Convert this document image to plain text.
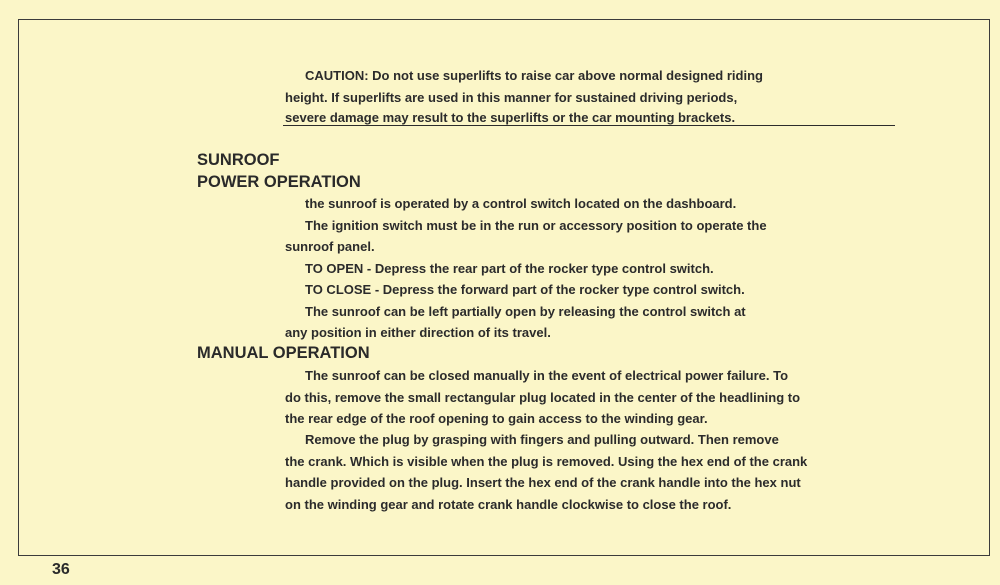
CAUTION: Do not use superlifts to raise car above normal designed riding
height. If superlifts are used in this manner for sustained driving periods,
severe damage may result to the superlifts or the car mounting brackets.
SUNROOF
POWER OPERATION
the sunroof is operated by a control switch located on the dashboard.
The ignition switch must be in the run or accessory position to operate the
sunroof panel.
TO OPEN - Depress the rear part of the rocker type control switch.
TO CLOSE - Depress the forward part of the rocker type control switch.
The sunroof can be left partially open by releasing the control switch at
any position in either direction of its travel.
MANUAL OPERATION
The sunroof can be closed manually in the event of electrical power failure. To
do this, remove the small rectangular plug located in the center of the headlining to
the rear edge of the roof opening to gain access to the winding gear.
Remove the plug by grasping with fingers and pulling outward. Then remove
the crank. Which is visible when the plug is removed. Using the hex end of the crank
handle provided on the plug. Insert the hex end of the crank handle into the hex nut
on the winding gear and rotate crank handle clockwise to close the roof.
36
